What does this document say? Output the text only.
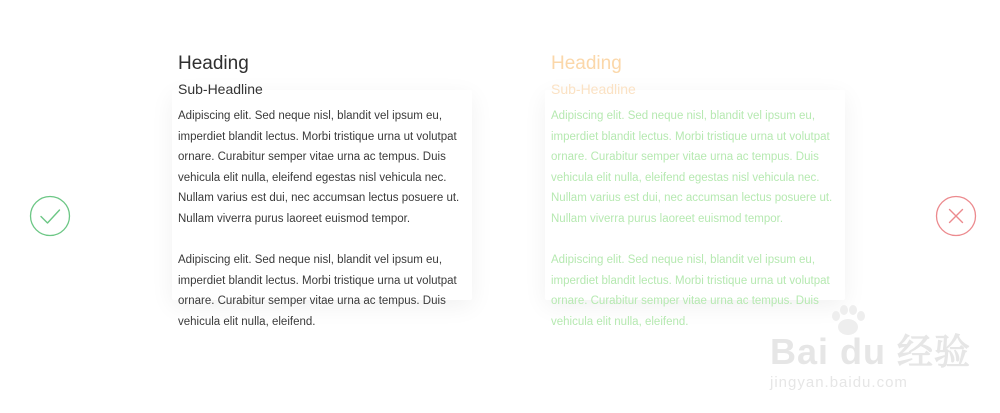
Heading
Sub-Headline

Adipiscing elit. Sed neque nisl, blandit vel ipsum eu, imperdiet blandit lectus. Morbi tristique urna ut volutpat ornare. Curabitur semper vitae urna ac tempus. Duis vehicula elit nulla, eleifend egestas nisl vehicula nec. Nullam varius est dui, nec accumsan lectus posuere ut. Nullam viverra purus laoreet euismod tempor.

Adipiscing elit. Sed neque nisl, blandit vel ipsum eu, imperdiet blandit lectus. Morbi tristique urna ut volutpat ornare. Curabitur semper vitae urna ac tempus. Duis vehicula elit nulla, eleifend.

Heading
Sub-Headline

Adipiscing elit. Sed neque nisl, blandit vel ipsum eu, imperdiet blandit lectus. Morbi tristique urna ut volutpat ornare. Curabitur semper vitae urna ac tempus. Duis vehicula elit nulla, eleifend egestas nisl vehicula nec. Nullam varius est dui, nec accumsan lectus posuere ut. Nullam viverra purus laoreet euismod tempor.

Adipiscing elit. Sed neque nisl, blandit vel ipsum eu, imperdiet blandit lectus. Morbi tristique urna ut volutpat ornare. Curabitur semper vitae urna ac tempus. Duis vehicula elit nulla, eleifend.

Bai du 经验
jingyan.baidu.com
